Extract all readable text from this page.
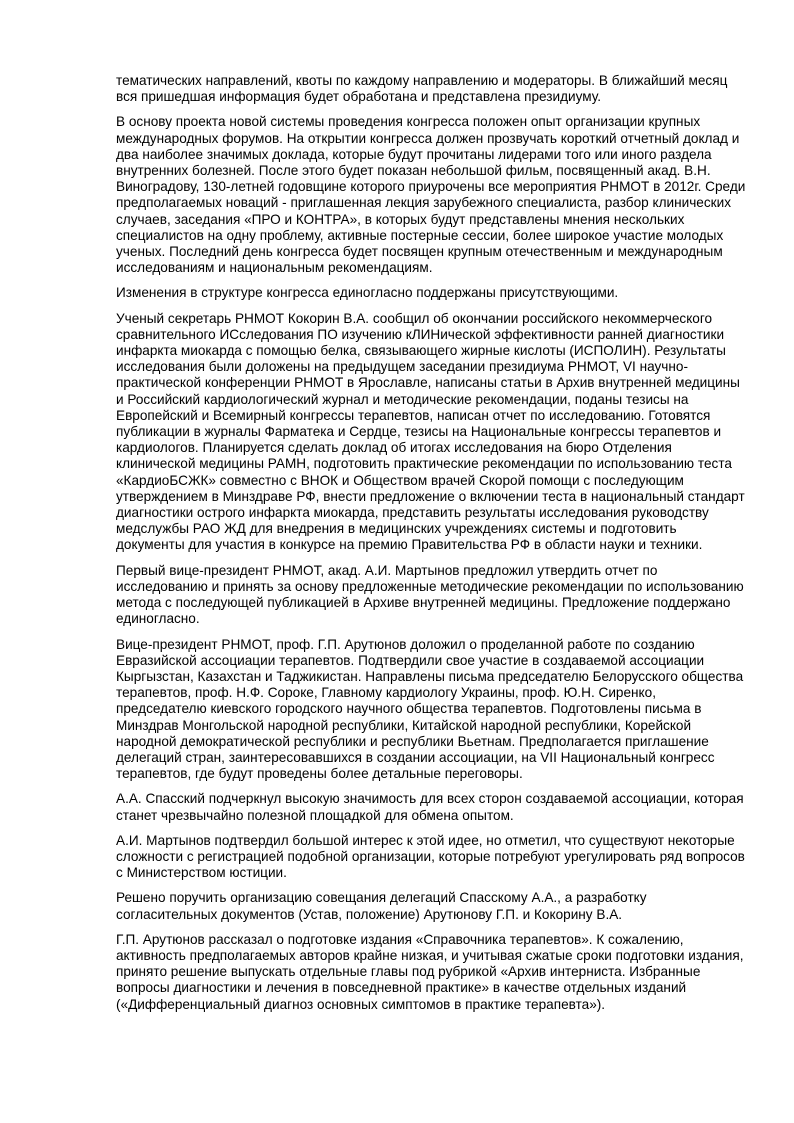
тематических направлений, квоты по каждому направлению и модераторы. В ближайший месяц вся пришедшая информация будет обработана и представлена президиуму.

В основу проекта новой системы проведения конгресса положен опыт организации крупных международных форумов. На открытии конгресса должен прозвучать короткий отчетный доклад и два наиболее значимых доклада, которые будут прочитаны лидерами того или иного раздела внутренних болезней. После этого будет показан небольшой фильм, посвященный акад. В.Н. Виноградову, 130-летней годовщине которого приурочены все мероприятия РНМОТ в 2012г. Среди предполагаемых новаций - приглашенная лекция зарубежного специалиста, разбор клинических случаев, заседания «ПРО и КОНТРА», в которых будут представлены мнения нескольких специалистов на одну проблему, активные постерные сессии, более широкое участие молодых ученых. Последний день конгресса будет посвящен крупным отечественным и международным исследованиям и национальным рекомендациям.

Изменения в структуре конгресса единогласно поддержаны присутствующими.

Ученый секретарь РНМОТ Кокорин В.А. сообщил об окончании российского некоммерческого сравнительного ИСследования ПО изучению кЛИНической эффективности ранней диагностики инфаркта миокарда с помощью белка, связывающего жирные кислоты (ИСПОЛИН). Результаты исследования были доложены на предыдущем заседании президиума РНМОТ, VI научно-практической конференции РНМОТ в Ярославле, написаны статьи в Архив внутренней медицины и Российский кардиологический журнал и методические рекомендации, поданы тезисы на Европейский и Всемирный конгрессы терапевтов, написан отчет по исследованию. Готовятся публикации в журналы Фарматека и Сердце, тезисы на Национальные конгрессы терапевтов и кардиологов. Планируется сделать доклад об итогах исследования на бюро Отделения клинической медицины РАМН, подготовить практические рекомендации по использованию теста «КардиоБСЖК» совместно с ВНОК и Обществом врачей Скорой помощи с последующим утверждением в Минздраве РФ, внести предложение о включении теста в национальный стандарт диагностики острого инфаркта миокарда, представить результаты исследования руководству медслужбы РАО ЖД для внедрения в медицинских учреждениях системы и подготовить документы для участия в конкурсе на премию Правительства РФ в области науки и техники.

Первый вице-президент РНМОТ, акад. А.И. Мартынов предложил утвердить отчет по исследованию и принять за основу предложенные методические рекомендации по использованию метода с последующей публикацией в Архиве внутренней медицины. Предложение поддержано единогласно.

Вице-президент РНМОТ, проф. Г.П. Арутюнов доложил о проделанной работе по созданию Евразийской ассоциации терапевтов. Подтвердили свое участие в создаваемой ассоциации Кыргызстан, Казахстан и Таджикистан. Направлены письма председателю Белорусского общества терапевтов, проф. Н.Ф. Сороке, Главному кардиологу Украины, проф. Ю.Н. Сиренко, председателю киевского городского научного общества терапевтов. Подготовлены письма в Минздрав Монгольской народной республики, Китайской народной республики, Корейской народной демократической республики и республики Вьетнам. Предполагается приглашение делегаций стран, заинтересовавшихся в создании ассоциации, на VII Национальный конгресс терапевтов, где будут проведены более детальные переговоры.

А.А. Спасский подчеркнул высокую значимость для всех сторон создаваемой ассоциации, которая станет чрезвычайно полезной площадкой для обмена опытом.

А.И. Мартынов подтвердил большой интерес к этой идее, но отметил, что существуют некоторые сложности с регистрацией подобной организации, которые потребуют урегулировать ряд вопросов с Министерством юстиции.

Решено поручить организацию совещания делегаций Спасскому А.А., а разработку согласительных документов (Устав, положение) Арутюнову Г.П. и Кокорину В.А.

Г.П. Арутюнов рассказал о подготовке издания «Справочника терапевтов». К сожалению, активность предполагаемых авторов крайне низкая, и учитывая сжатые сроки подготовки издания, принято решение выпускать отдельные главы под рубрикой «Архив интерниста. Избранные вопросы диагностики и лечения в повседневной практике» в качестве отдельных изданий («Дифференциальный диагноз основных симптомов в практике терапевта»).
